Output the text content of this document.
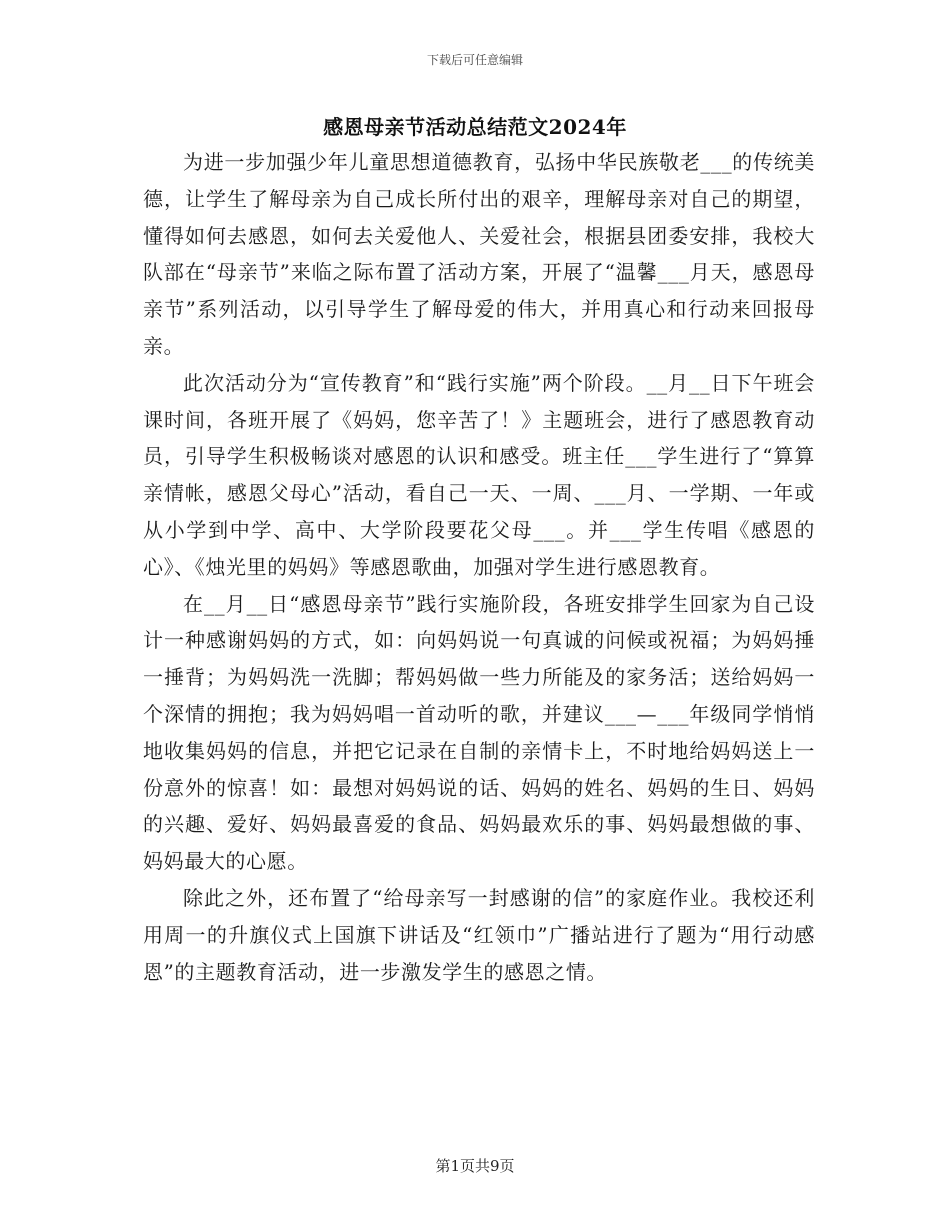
下载后可任意编辑
感恩母亲节活动总结范文2024年

为进一步加强少年儿童思想道德教育，弘扬中华民族敬老___的传统美德，让学生了解母亲为自己成长所付出的艰辛，理解母亲对自己的期望，懂得如何去感恩，如何去关爱他人、关爱社会，根据县团委安排，我校大队部在“母亲节”来临之际布置了活动方案，开展了“温馨___月天，感恩母亲节”系列活动，以引导学生了解母爱的伟大，并用真心和行动来回报母亲。

此次活动分为“宣传教育”和“践行实施”两个阶段。__月__日下午班会课时间，各班开展了《妈妈，您辛苦了！》主题班会，进行了感恩教育动员，引导学生积极畅谈对感恩的认识和感受。班主任___学生进行了“算算亲情帐，感恩父母心”活动，看自己一天、一周、___月、一学期、一年或从小学到中学、高中、大学阶段要花父母___。并___学生传唱《感恩的心》、《烛光里的妈妈》等感恩歌曲，加强对学生进行感恩教育。

在__月__日“感恩母亲节”践行实施阶段，各班安排学生回家为自己设计一种感谢妈妈的方式，如：向妈妈说一句真诚的问候或祝福；为妈妈捶一捶背；为妈妈洗一洗脚；帮妈妈做一些力所能及的家务活；送给妈妈一个深情的拥抱；我为妈妈唱一首动听的歌，并建议___—___年级同学悄悄地收集妈妈的信息，并把它记录在自制的亲情卡上，不时地给妈妈送上一份意外的惊喜！如：最想对妈妈说的话、妈妈的姓名、妈妈的生日、妈妈的兴趣、爱好、妈妈最喜爱的食品、妈妈最欢乐的事、妈妈最想做的事、妈妈最大的心愿。

除此之外，还布置了“给母亲写一封感谢的信”的家庭作业。我校还利用周一的升旗仪式上国旗下讲话及“红领巾”广播站进行了题为“用行动感恩”的主题教育活动，进一步激发学生的感恩之情。

第1页共9页
